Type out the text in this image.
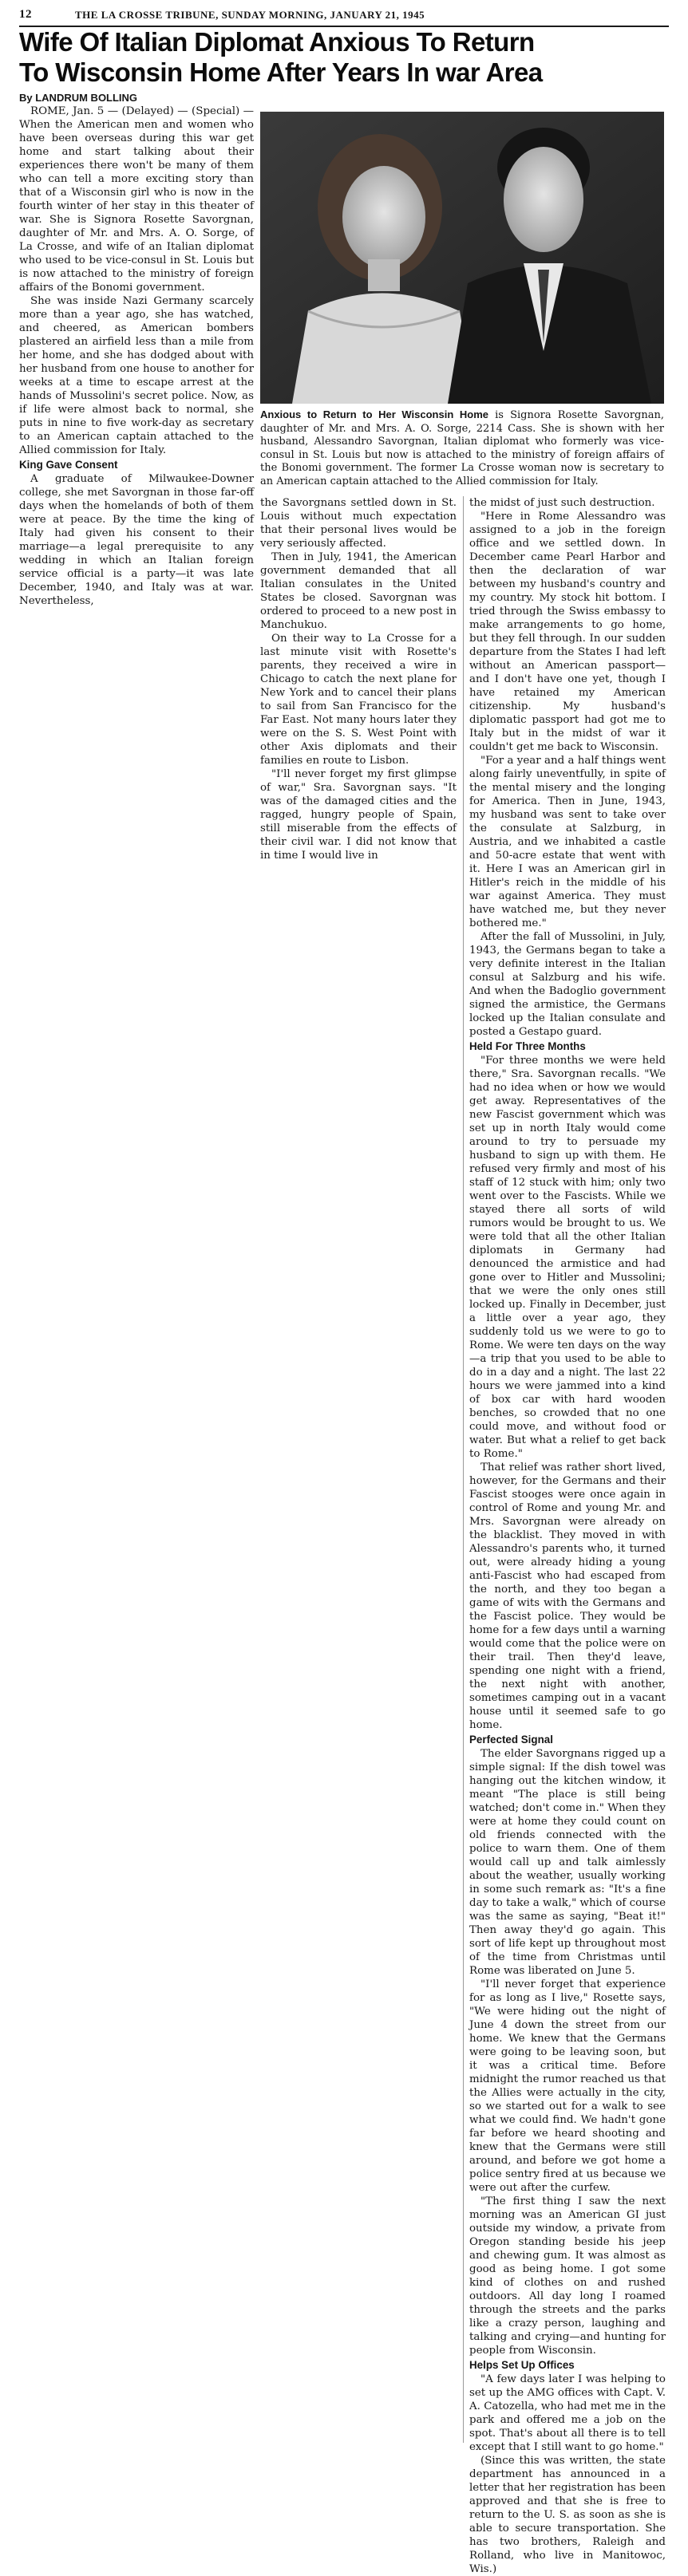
12	THE LA CROSSE TRIBUNE, SUNDAY MORNING, JANUARY 21, 1945
Wife Of Italian Diplomat Anxious To Return
To Wisconsin Home After Years In war Area

By LANDRUM BOLLING

ROME, Jan. 5 — (Delayed) — (Special) —When the American men and women who have been overseas during this war get home and start talking about their experiences there won't be many of them who can tell a more exciting story than that of a Wisconsin girl who is now in the fourth winter of her stay in this theater of war. She is Signora Rosette Savorgnan, daughter of Mr. and Mrs. A. O. Sorge, of La Crosse, and wife of an Italian diplomat who used to be vice-consul in St. Louis but is now attached to the ministry of foreign affairs of the Bonomi government.

She was inside Nazi Germany scarcely more than a year ago, she has watched, and cheered, as American bombers plastered an airfield less than a mile from her home, and she has dodged about with her husband from one house to another for weeks at a time to escape arrest at the hands of Mussolini's secret police. Now, as if life were almost back to normal, she puts in nine to five work-day as secretary to an American captain attached to the Allied commission for Italy.

King Gave Consent

A graduate of Milwaukee-Downer college, she met Savorgnan in those far-off days when the homelands of both of them were at peace. By the time the king of Italy had given his consent to their marriage—a legal prerequisite to any wedding in which an Italian foreign service official is a party—it was late December, 1940, and Italy was at war. Nevertheless,

Anxious to Return to Her Wisconsin Home is Signora Rosette Savorgnan, daughter of Mr. and Mrs. A. O. Sorge, 2214 Cass. She is shown with her husband, Alessandro Savorgnan, Italian diplomat who formerly was vice-consul in St. Louis but now is attached to the ministry of foreign affairs of the Bonomi government. The former La Crosse woman now is secretary to an American captain attached to the Allied commission for Italy.

the Savorgnans settled down in St. Louis without much expectation that their personal lives would be very seriously affected.

Then in July, 1941, the American government demanded that all Italian consulates in the United States be closed. Savorgnan was ordered to proceed to a new post in Manchukuo.

On their way to La Crosse for a last minute visit with Rosette's parents, they received a wire in Chicago to catch the next plane for New York and to cancel their plans to sail from San Francisco for the Far East. Not many hours later they were on the S. S. West Point with other Axis diplomats and their families en route to Lisbon.

"I'll never forget my first glimpse of war," Sra. Savorgnan says. "It was of the damaged cities and the ragged, hungry people of Spain, still miserable from the effects of their civil war. I did not know that in time I would live in

the midst of just such destruction.

"Here in Rome Alessandro was assigned to a job in the foreign office and we settled down. In December came Pearl Harbor and then the declaration of war between my husband's country and my country. My stock hit bottom. I tried through the Swiss embassy to make arrangements to go home, but they fell through. In our sudden departure from the States I had left without an American passport— and I don't have one yet, though I have retained my American citizenship. My husband's diplomatic passport had got me to Italy but in the midst of war it couldn't get me back to Wisconsin.

"For a year and a half things went along fairly uneventfully, in spite of the mental misery and the longing for America. Then in June, 1943, my husband was sent to take over the consulate at Salzburg, in Austria, and we inhabited a castle and 50-acre estate that went with it. Here I was an American girl in Hitler's reich in the middle of his war against America. They must have watched me, but they never bothered me."

After the fall of Mussolini, in July, 1943, the Germans began to take a very definite interest in the Italian consul at Salzburg and his wife. And when the Badoglio government signed the armistice, the Germans locked up the Italian consulate and posted a Gestapo guard.

Held For Three Months

"For three months we were held there," Sra. Savorgnan recalls. "We had no idea when or how we would get away. Representatives of the new Fascist government which was set up in north Italy would come around to try to persuade my husband to sign up with them. He refused very firmly and most of his staff of 12 stuck with him; only two went over to the Fascists. While we stayed there all sorts of wild rumors would be brought to us. We were told that all the other Italian diplomats in Germany had denounced the armistice and had gone over to Hitler and Mussolini; that we were the only ones still locked up. Finally in December, just a little over a year ago, they suddenly told us we were to go to Rome. We were ten days on the way—a trip that you used to be able to do in a day and a night. The last 22 hours we were jammed into a kind of box car with hard wooden benches, so crowded that no one could move, and without food or water. But what a relief to get back to Rome."

That relief was rather short lived, however, for the Germans and their Fascist stooges were once again in control of Rome and young Mr. and Mrs. Savorgnan were already on the blacklist. They moved in with Alessandro's parents who, it turned out, were already hiding a young anti-Fascist who had escaped from the north, and they too began a game of wits with the Germans and the Fascist police. They would be home for a few days until a warning would come that the police were on their trail. Then they'd leave, spending one night with a friend, the next night with another, sometimes camping out in a vacant house until it seemed safe to go home.

Perfected Signal

The elder Savorgnans rigged up a simple signal: If the dish towel was hanging out the kitchen window, it meant "The place is still being watched; don't come in." When they were at home they could count on old friends connected with the police to warn them. One of them would call up and talk aimlessly about the weather, usually working in some such remark as: "It's a fine day to take a walk," which of course was the same as saying, "Beat it!" Then away they'd go again. This sort of life kept up throughout most of the time from Christmas until Rome was liberated on June 5.

"I'll never forget that experience for as long as I live," Rosette says, "We were hiding out the night of June 4 down the street from our home. We knew that the Germans were going to be leaving soon, but it was a critical time. Before midnight the rumor reached us that the Allies were actually in the city, so we started out for a walk to see what we could find. We hadn't gone far before we heard shooting and knew that the Germans were still around, and before we got home a police sentry fired at us because we were out after the curfew.

"The first thing I saw the next morning was an American GI just outside my window, a private from Oregon standing beside his jeep and chewing gum. It was almost as good as being home. I got some kind of clothes on and rushed outdoors. All day long I roamed through the streets and the parks like a crazy person, laughing and talking and crying—and hunting for people from Wisconsin.

Helps Set Up Offices

"A few days later I was helping to set up the AMG offices with Capt. V. A. Catozella, who had met me in the park and offered me a job on the spot. That's about all there is to tell except that I still want to go home."

(Since this was written, the state department has announced in a letter that her registration has been approved and that she is free to return to the U. S. as soon as she is able to secure transportation. She has two brothers, Raleigh and Rolland, who live in Manitowoc, Wis.)
